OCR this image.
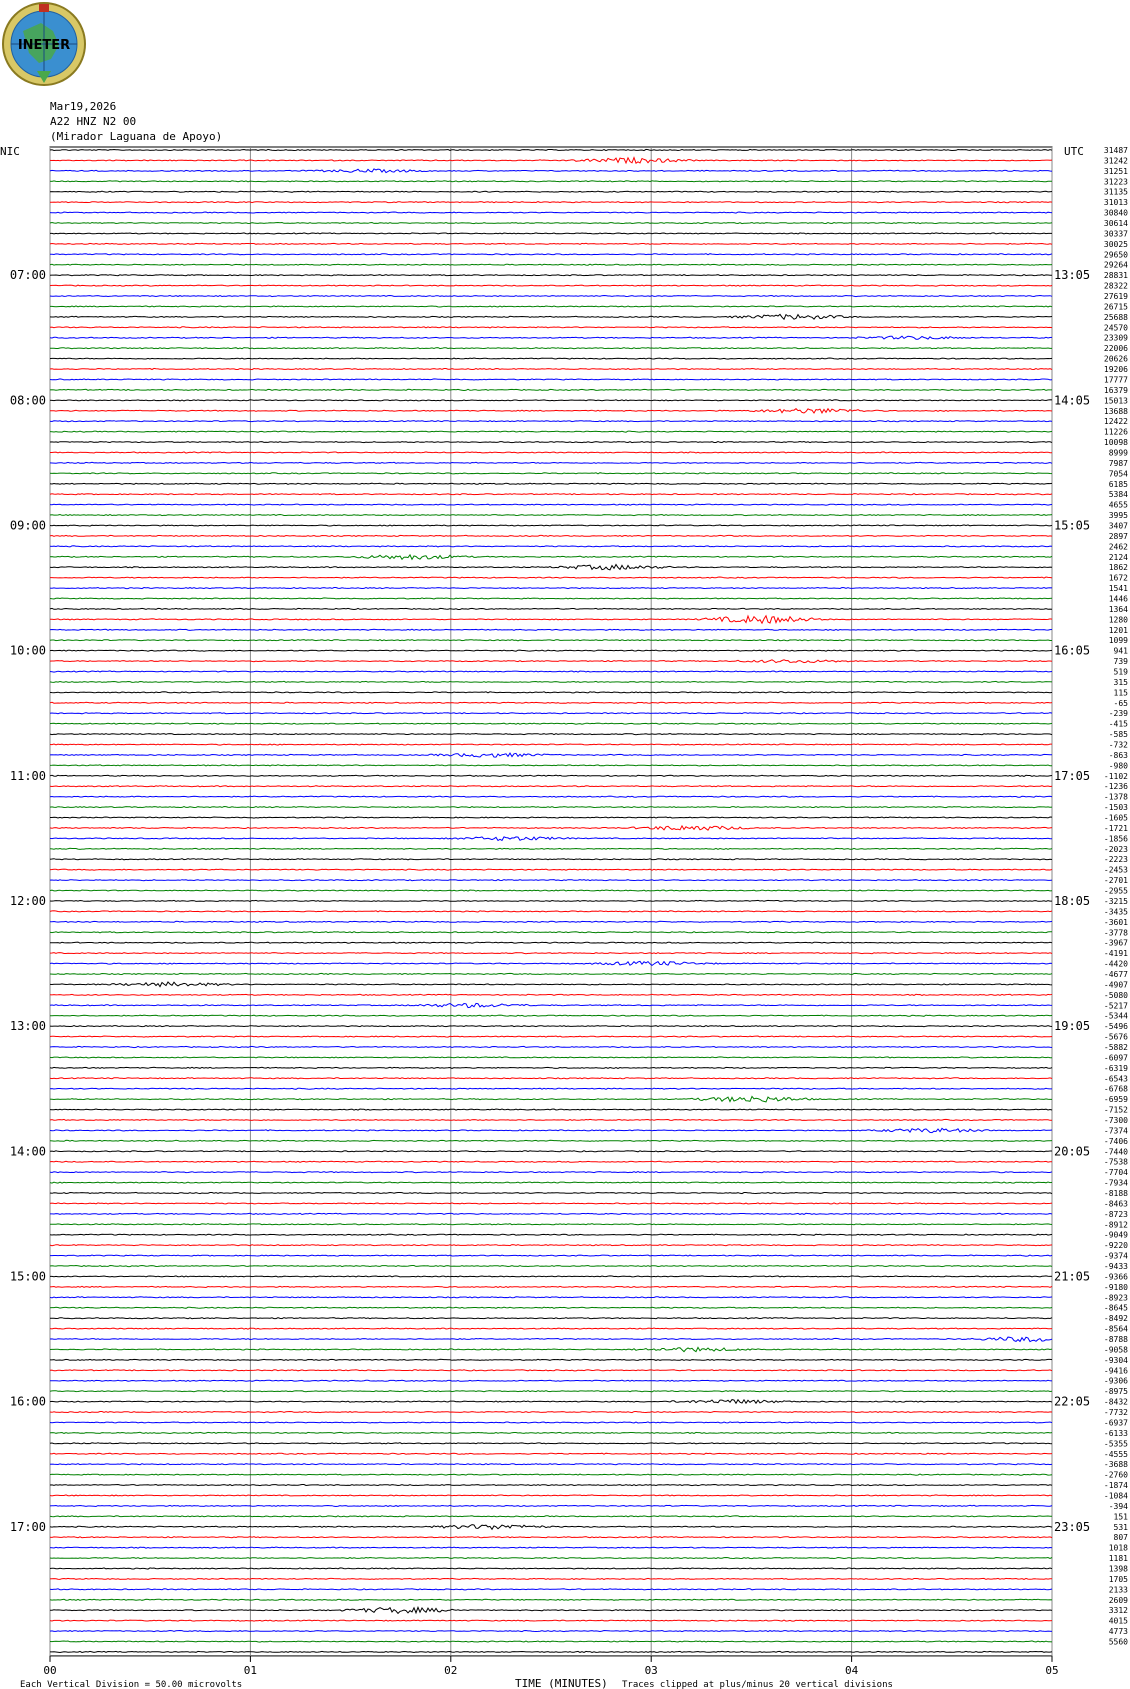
INETER
Mar19,2026
A22 HNZ N2 00
(Mirador Laguana de Apoyo)
00	01	02	03	04	05
31487
31242
31251
31223
31135
31013
30840
30614
30337
30025
29650
29264
28831
28322
27619
26715
25688
24570
23309
22006
20626
19206
17777
16379
15013
13688
12422
11226
10098
8999
7987
7054
6185
5384
4655
3995
3407
2897
2462
2124
1862
1672
1541
1446
1364
1280
1201
1099
941
739
519
315
115
-65
-239
-415
-585
-732
-863
-980
-1102
-1236
-1378
-1503
-1605
-1721
-1856
-2023
-2223
-2453
-2701
-2955
-3215
-3435
-3601
-3778
-3967
-4191
-4420
-4677
-4907
-5080
-5217
-5344
-5496
-5676
-5882
-6097
-6319
-6543
-6768
-6959
-7152
-7300
-7374
-7406
-7440
-7538
-7704
-7934
-8188
-8463
-8723
-8912
-9049
-9220
-9374
-9433
-9366
-9180
-8923
-8645
-8492
-8564
-8788
-9058
-9304
-9416
-9306
-8975
-8432
-7732
-6937
-6133
-5355
-4555
-3688
-2760
-1874
-1084
-394
151
531
807
1018
1181
1398
1705
2133
2609
3312
4015
4773
5560
NIC	UTC
07:00
08:00
09:00
10:00
11:00
12:00
13:00
14:00
15:00
16:00
17:00
13:05
14:05
15:05
16:05
17:05
18:05
19:05
20:05
21:05
22:05
23:05
Each Vertical Division = 50.00 microvolts	TIME (MINUTES) Traces clipped at plus/minus 20 vertical divisions
